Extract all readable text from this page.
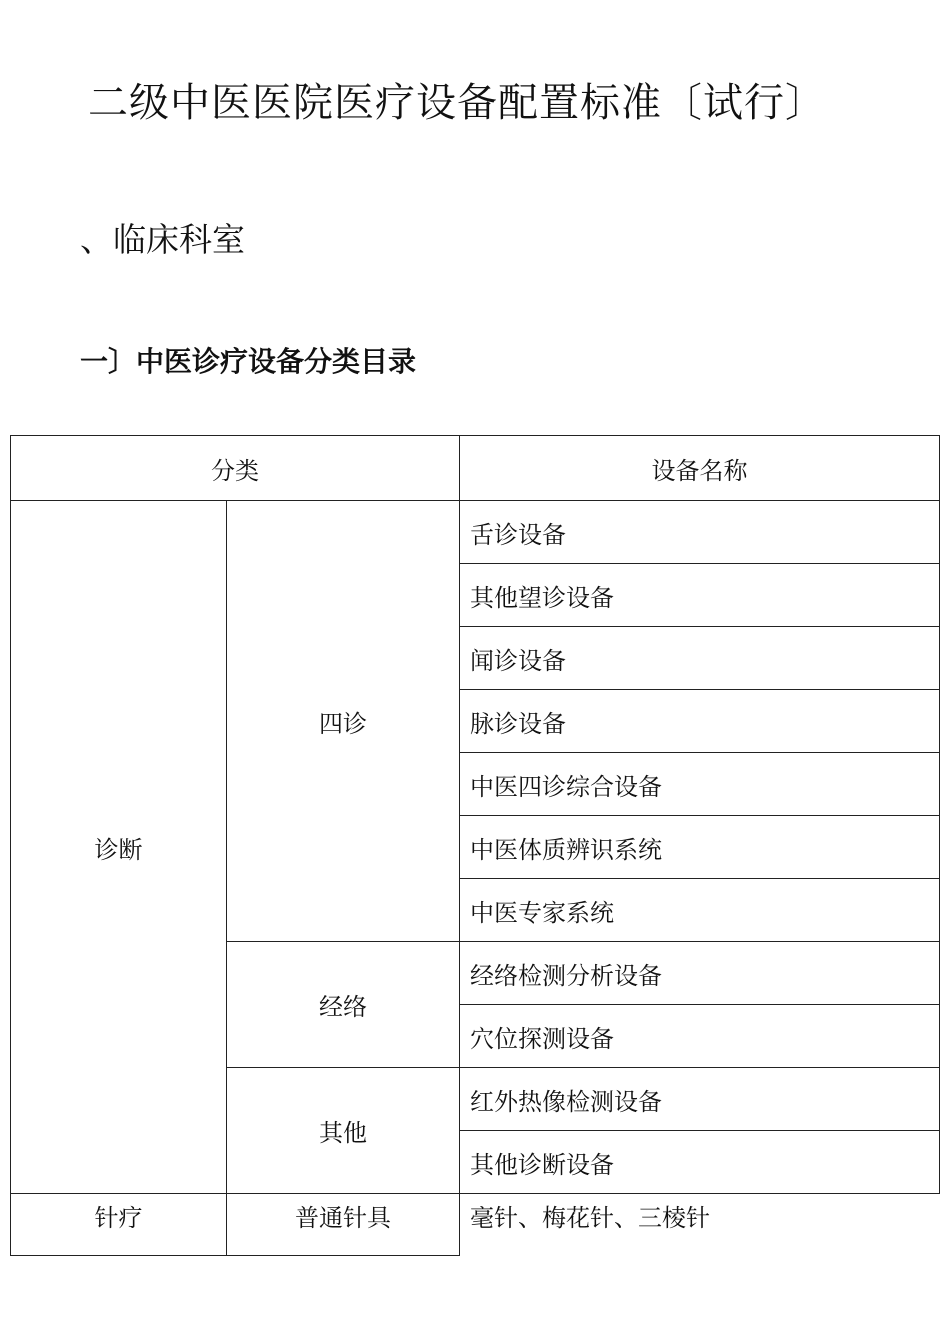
二级中医医院医疗设备配置标准〔试行〕
、临床科室
一〕中医诊疗设备分类目录
分类		设备名称
诊断	四诊	舌诊设备
		其他望诊设备
		闻诊设备
		脉诊设备
		中医四诊综合设备
		中医体质辨识系统
		中医专家系统
	经络	经络检测分析设备
		穴位探测设备
	其他	红外热像检测设备
		其他诊断设备
针疗	普通针具	毫针、梅花针、三棱针
